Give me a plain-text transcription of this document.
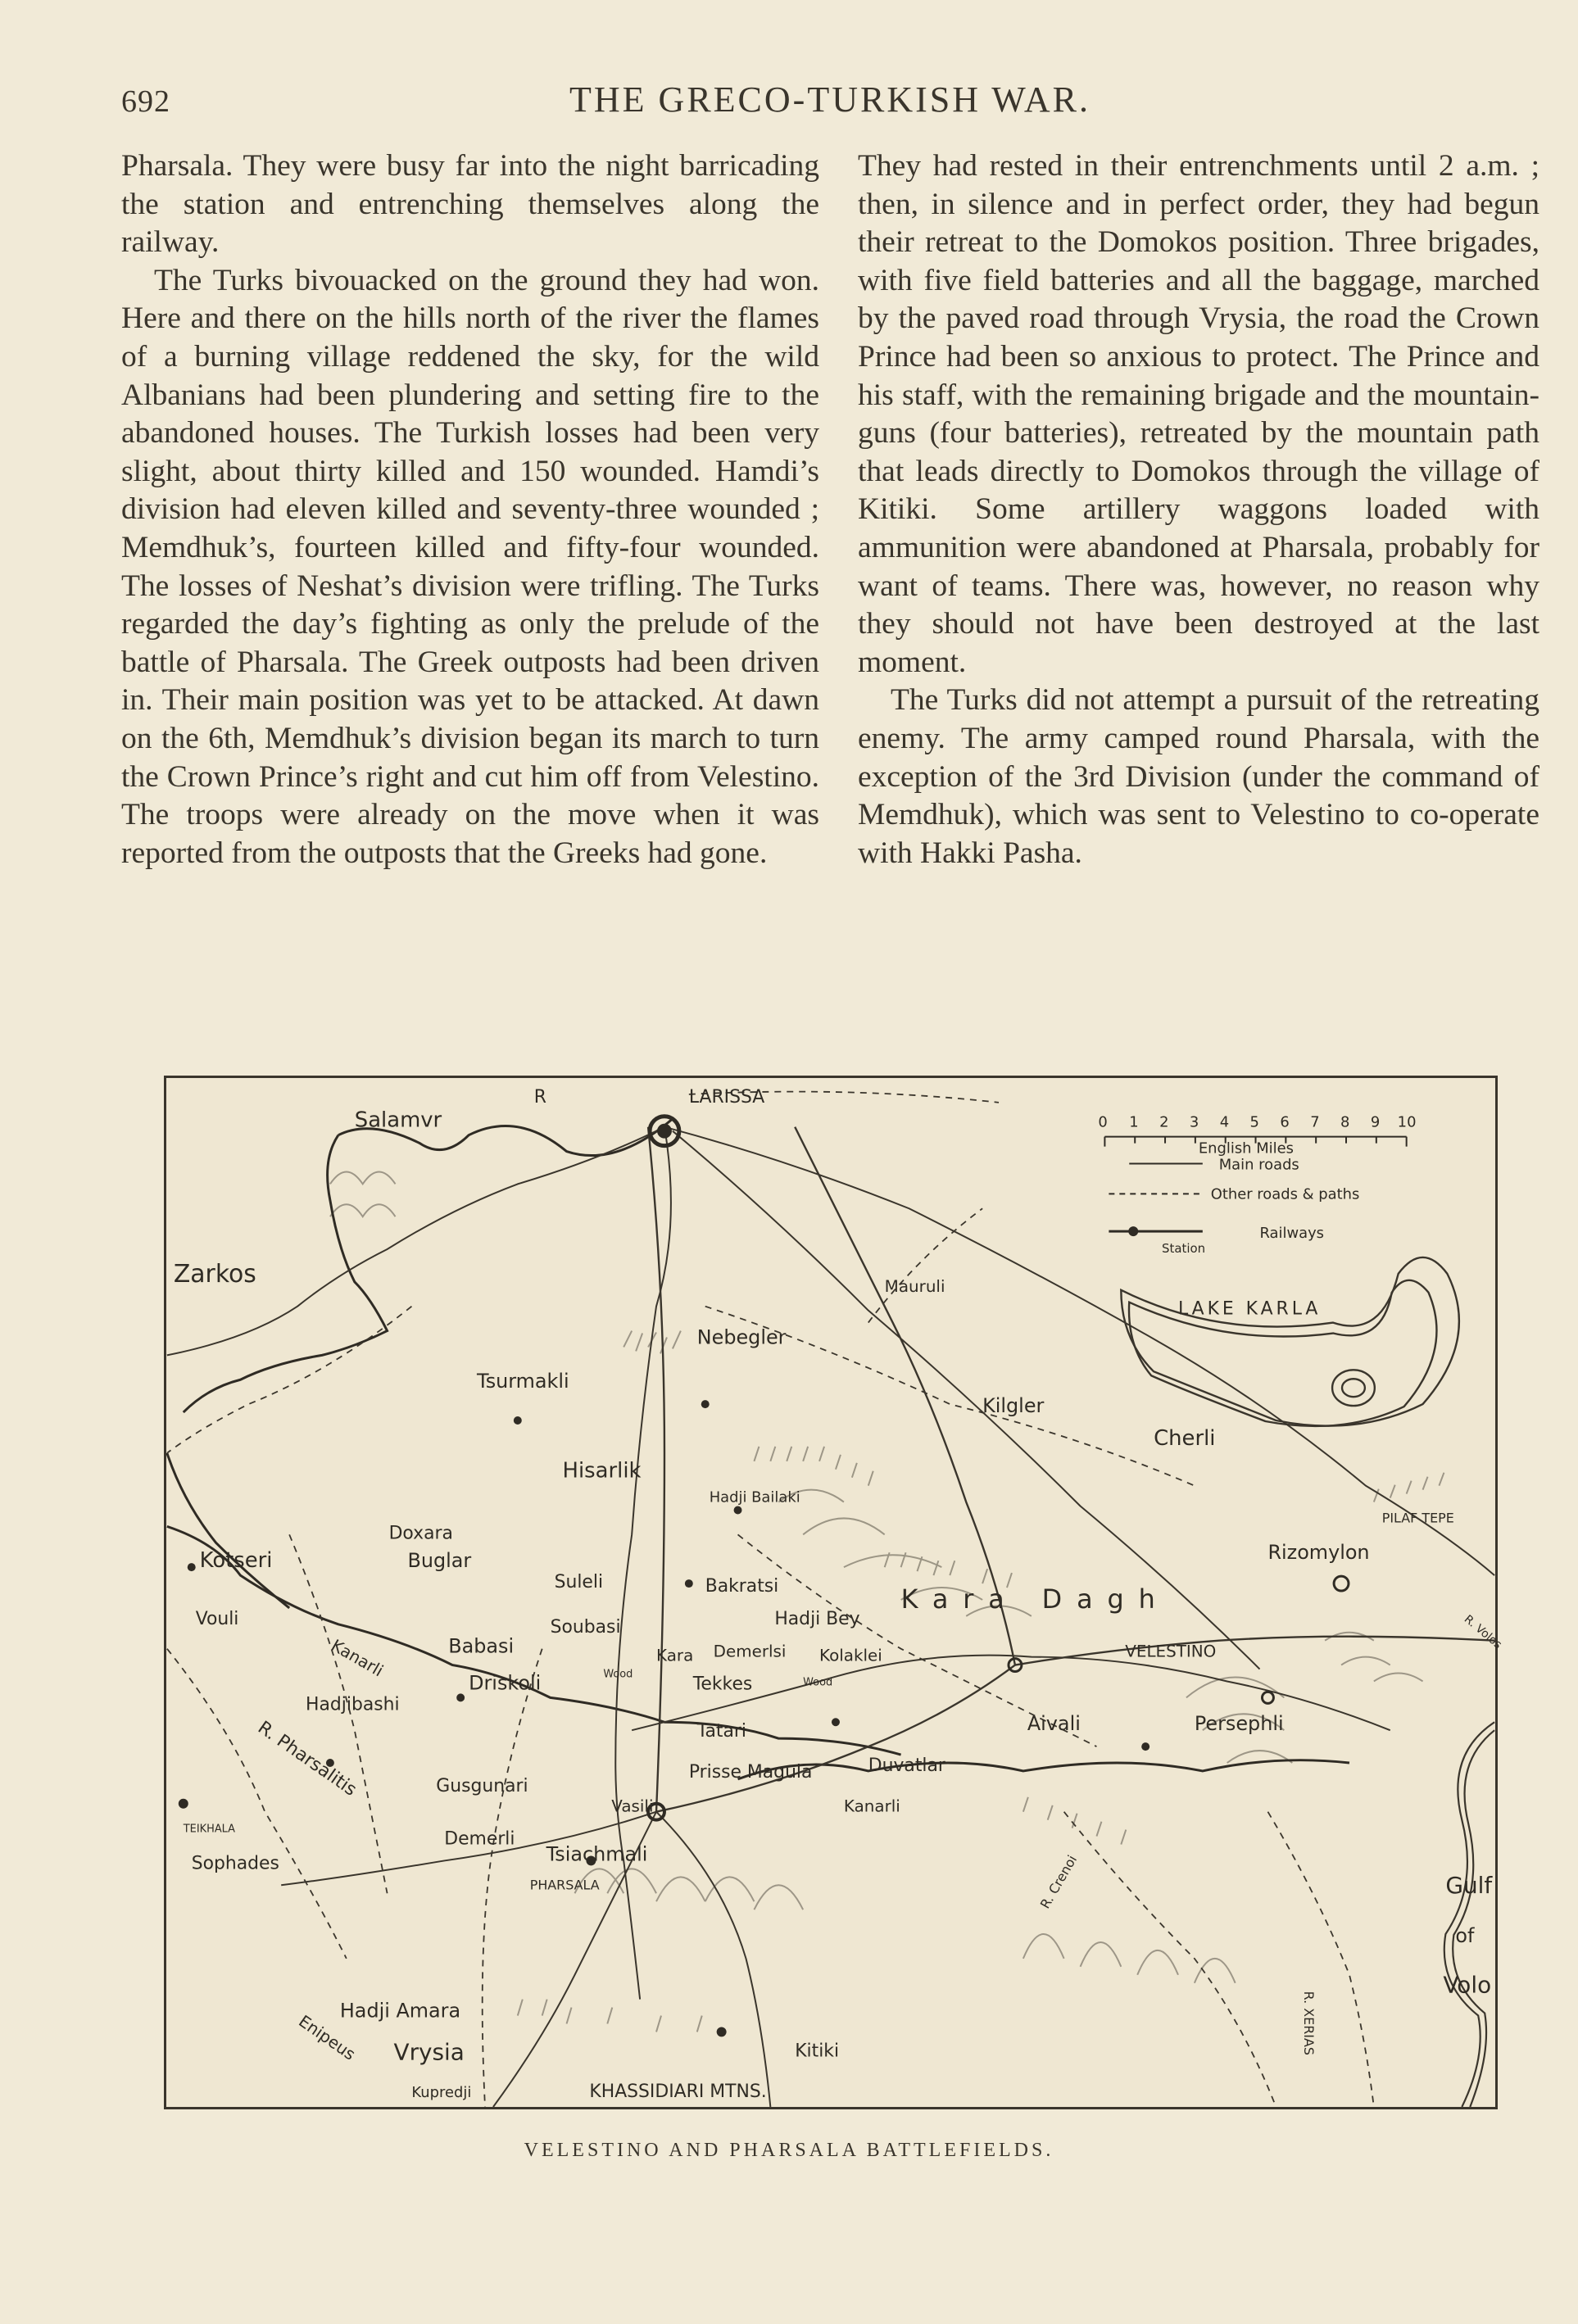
692	THE GRECO-TURKISH WAR.

Pharsala. They were busy far into the night barricading the station and entrenching themselves along the railway.

The Turks bivouacked on the ground they had won. Here and there on the hills north of the river the flames of a burning village reddened the sky, for the wild Albanians had been plundering and setting fire to the abandoned houses. The Turkish losses had been very slight, about thirty killed and 150 wounded. Hamdi’s division had eleven killed and seventy-three wounded ; Memdhuk’s, fourteen killed and fifty-four wounded. The losses of Neshat’s division were trifling. The Turks regarded the day’s fighting as only the prelude of the battle of Pharsala. The Greek outposts had been driven in. Their main position was yet to be attacked. At dawn on the 6th, Memdhuk’s division began its march to turn the Crown Prince’s right and cut him off from Velestino. The troops were already on the move when it was reported from the outposts that the Greeks had gone.

They had rested in their entrenchments until 2 a.m. ; then, in silence and in perfect order, they had begun their retreat to the Domokos position. Three brigades, with five field batteries and all the baggage, marched by the paved road through Vrysia, the road the Crown Prince had been so anxious to protect. The Prince and his staff, with the remaining brigade and the mountain-guns (four batteries), retreated by the mountain path that leads directly to Domokos through the village of Kitiki. Some artillery waggons loaded with ammunition were abandoned at Pharsala, probably for want of teams. There was, however, no reason why they should not have been destroyed at the last moment.

The Turks did not attempt a pursuit of the retreating enemy. The army camped round Pharsala, with the exception of the 3rd Division (under the command of Memdhuk), which was sent to Velestino to co-operate with Hakki Pasha.

0 1 2 3 4 5 6 7 8 9 10
English Miles
Main roads
Other roads & paths
Railways
Station
LARISSA
Salamvr
R
Zarkos	Mauruli
LAKE KARLA
Nebegler
Tsurmakli
Kilgler
Cherli
Hisarlik
Hadji Bailaki
Doxara
Buglar
Kotseri
Suleli	Bakratsi	Kara Dagh
Rizomylon
PILAF TEPE
Vouli	Soubasi
Babasi
Hadji Bey
Kara Demerlsi Kolaklei	VELESTINO
Wood
Wood
Driskoli	Tekkes
Hadjibashi
Tatari	Aivali	Persephli
R. Pharsalitis
Kanarli
Gusgunari
Vasili
Prisse Magula	Duvatlar
Kanarli
TEIKHALA
Sophades
Demerli
Tsiachmali
PHARSALA	Gulf
of
Volo
Hadji Amara
Vrysia	Kitiki
Kupredji	KHASSIDIARI MTNS.
Enipeus
R. Crenoi
R. XERIAS
R. Volos
VELESTINO AND PHARSALA BATTLEFIELDS.
